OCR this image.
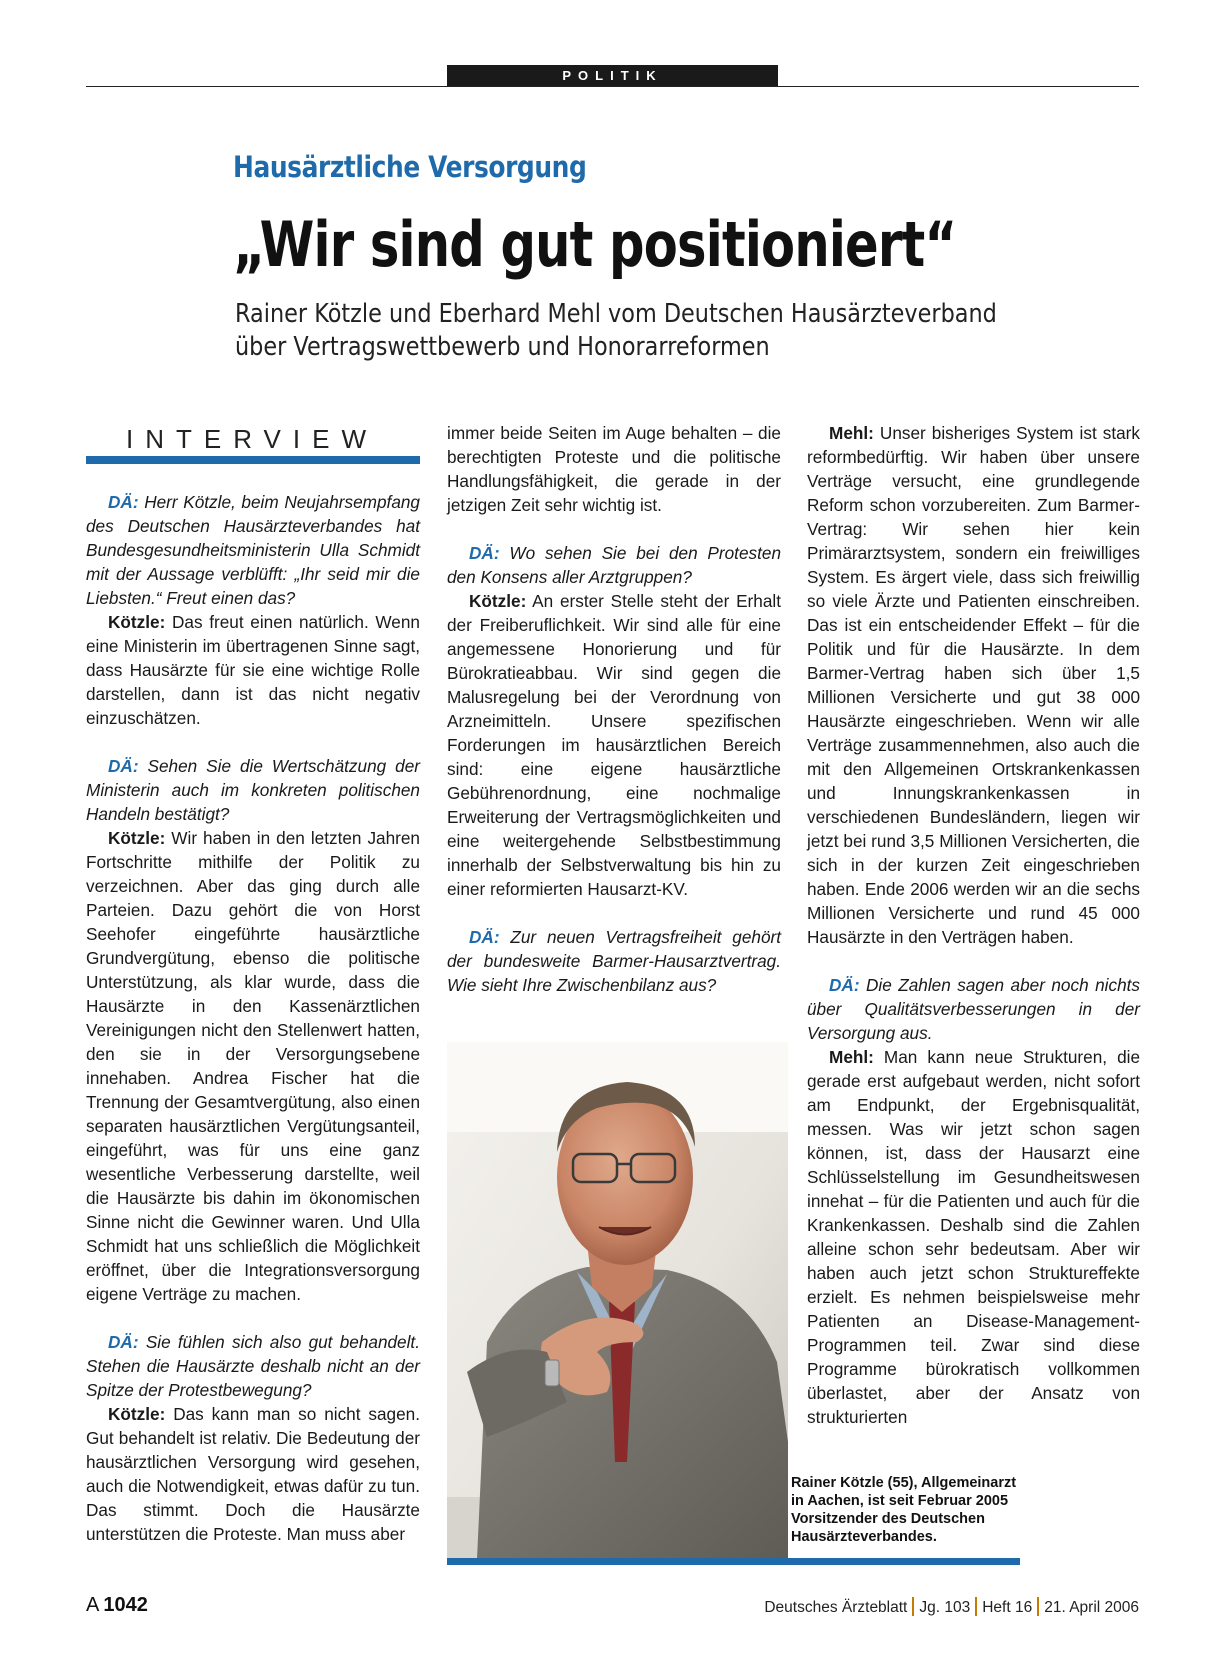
POLITIK
Hausärztliche Versorgung
„Wir sind gut positioniert“
Rainer Kötzle und Eberhard Mehl vom Deutschen Hausärzteverband
über Vertragswettbewerb und Honorarreformen
INTERVIEW

DÄ: Herr Kötzle, beim Neujahrsempfang des Deutschen Hausärzteverbandes hat Bundesgesundheitsministerin Ulla Schmidt mit der Aussage verblüfft: „Ihr seid mir die Liebsten.“ Freut einen das?

Kötzle: Das freut einen natürlich. Wenn eine Ministerin im übertragenen Sinne sagt, dass Hausärzte für sie eine wichtige Rolle darstellen, dann ist das nicht negativ einzuschätzen.

DÄ: Sehen Sie die Wertschätzung der Ministerin auch im konkreten politischen Handeln bestätigt?

Kötzle: Wir haben in den letzten Jahren Fortschritte mithilfe der Politik zu verzeichnen. Aber das ging durch alle Parteien. Dazu gehört die von Horst Seehofer eingeführte hausärztliche Grundvergütung, ebenso die politische Unterstützung, als klar wurde, dass die Hausärzte in den Kassenärztlichen Vereinigungen nicht den Stellenwert hatten, den sie in der Versorgungsebene innehaben. Andrea Fischer hat die Trennung der Gesamtvergütung, also einen separaten hausärztlichen Vergütungsanteil, eingeführt, was für uns eine ganz wesentliche Verbesserung darstellte, weil die Hausärzte bis dahin im ökonomischen Sinne nicht die Gewinner waren. Und Ulla Schmidt hat uns schließlich die Möglichkeit eröffnet, über die Integrationsversorgung eigene Verträge zu machen.

DÄ: Sie fühlen sich also gut behandelt. Stehen die Hausärzte deshalb nicht an der Spitze der Protestbewegung?

Kötzle: Das kann man so nicht sagen. Gut behandelt ist relativ. Die Bedeutung der hausärztlichen Versorgung wird gesehen, auch die Notwendigkeit, etwas dafür zu tun. Das stimmt. Doch die Hausärzte unterstützen die Proteste. Man muss aber

immer beide Seiten im Auge behalten – die berechtigten Proteste und die politische Handlungsfähigkeit, die gerade in der jetzigen Zeit sehr wichtig ist.

DÄ: Wo sehen Sie bei den Protesten den Konsens aller Arztgruppen?

Kötzle: An erster Stelle steht der Erhalt der Freiberuflichkeit. Wir sind alle für eine angemessene Honorierung und für Bürokratieabbau. Wir sind gegen die Malusregelung bei der Verordnung von Arzneimitteln. Unsere spezifischen Forderungen im hausärztlichen Bereich sind: eine eigene hausärztliche Gebührenordnung, eine nochmalige Erweiterung der Vertragsmöglichkeiten und eine weitergehende Selbstbestimmung innerhalb der Selbstverwaltung bis hin zu einer reformierten Hausarzt-KV.

DÄ: Zur neuen Vertragsfreiheit gehört der bundesweite Barmer-Hausarztvertrag. Wie sieht Ihre Zwischenbilanz aus?

Mehl: Unser bisheriges System ist stark reformbedürftig. Wir haben über unsere Verträge versucht, eine grundlegende Reform schon vorzubereiten. Zum Barmer-Vertrag: Wir sehen hier kein Primärarztsystem, sondern ein freiwilliges System. Es ärgert viele, dass sich freiwillig so viele Ärzte und Patienten einschreiben. Das ist ein entscheidender Effekt – für die Politik und für die Hausärzte. In dem Barmer-Vertrag haben sich über 1,5 Millionen Versicherte und gut 38 000 Hausärzte eingeschrieben. Wenn wir alle Verträge zusammennehmen, also auch die mit den Allgemeinen Ortskrankenkassen und Innungskrankenkassen in verschiedenen Bundesländern, liegen wir jetzt bei rund 3,5 Millionen Versicherten, die sich in der kurzen Zeit eingeschrieben haben. Ende 2006 werden wir an die sechs Millionen Versicherte und rund 45 000 Hausärzte in den Verträgen haben.

DÄ: Die Zahlen sagen aber noch nichts über Qualitätsverbesserungen in der Versorgung aus.

Mehl: Man kann neue Strukturen, die gerade erst aufgebaut werden, nicht sofort am Endpunkt, der Ergebnisqualität, messen. Was wir jetzt schon sagen können, ist, dass der Hausarzt eine Schlüsselstellung im Gesundheitswesen innehat – für die Patienten und auch für die Krankenkassen. Deshalb sind die Zahlen alleine schon sehr bedeutsam. Aber wir haben auch jetzt schon Struktureffekte erzielt. Es nehmen beispielsweise mehr Patienten an Disease-Management-Programmen teil. Zwar sind diese Programme bürokratisch vollkommen überlastet, aber der Ansatz von strukturierten

Rainer Kötzle (55), Allgemeinarzt in Aachen, ist seit Februar 2005 Vorsitzender des Deutschen Hausärzteverbandes.
A  1042	Deutsches Ärzteblatt Jg. 103 Heft 16 21. April 2006
